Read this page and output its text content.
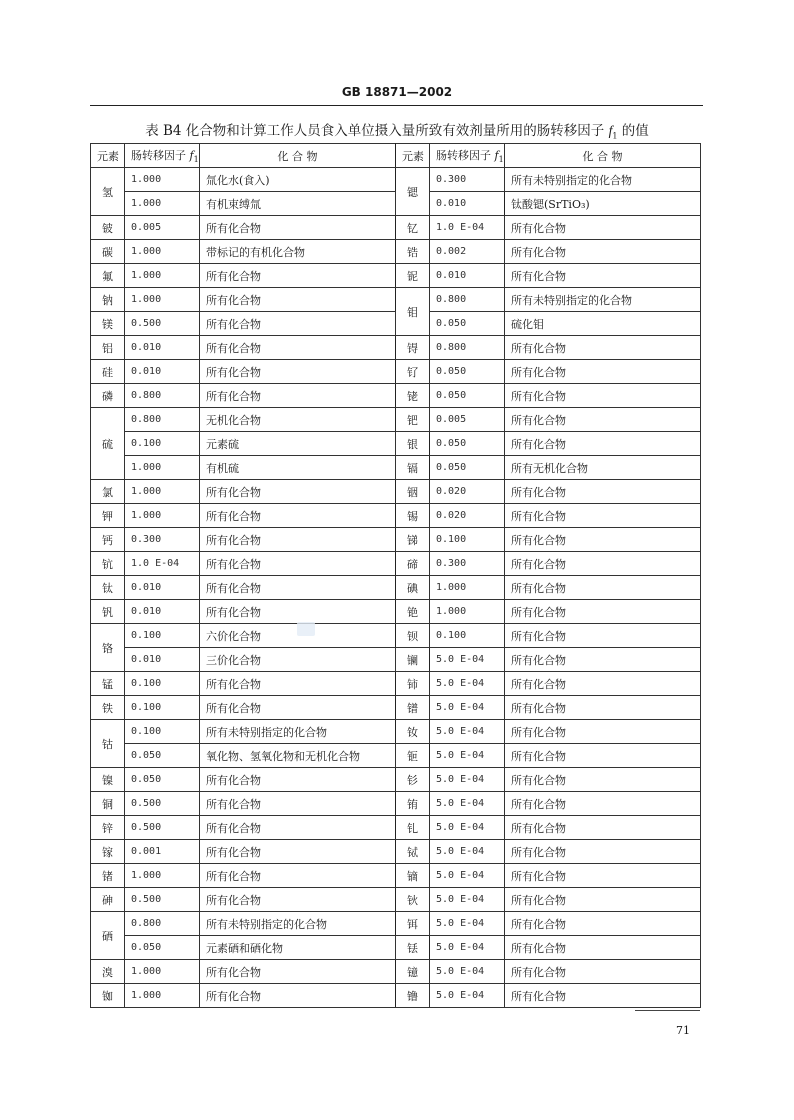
GB 18871—2002
表 B4 化合物和计算工作人员食入单位摄入量所致有效剂量所用的肠转移因子 $f_1$ 的值
元素	肠转移因子 $f_1$	化 合 物	元素	肠转移因子 $f_1$	化 合 物
氢	1.000	氚化水(食入)	锶	0.300	所有未特别指定的化合物
	1.000	有机束缚氚		0.010	钛酸锶(SrTiO₃)
铍	0.005	所有化合物	钇	1.0 E-04	所有化合物
碳	1.000	带标记的有机化合物	锆	0.002	所有化合物
氟	1.000	所有化合物	铌	0.010	所有化合物
钠	1.000	所有化合物	钼	0.800	所有未特别指定的化合物
镁	0.500	所有化合物		0.050	硫化钼
铝	0.010	所有化合物	锝	0.800	所有化合物
硅	0.010	所有化合物	钌	0.050	所有化合物
磷	0.800	所有化合物	铑	0.050	所有化合物
硫	0.800	无机化合物	钯	0.005	所有化合物
	0.100	元素硫	银	0.050	所有化合物
	1.000	有机硫	镉	0.050	所有无机化合物
氯	1.000	所有化合物	铟	0.020	所有化合物
钾	1.000	所有化合物	锡	0.020	所有化合物
钙	0.300	所有化合物	锑	0.100	所有化合物
钪	1.0 E-04	所有化合物	碲	0.300	所有化合物
钛	0.010	所有化合物	碘	1.000	所有化合物
钒	0.010	所有化合物	铯	1.000	所有化合物
铬	0.100	六价化合物	钡	0.100	所有化合物
	0.010	三价化合物	镧	5.0 E-04	所有化合物
锰	0.100	所有化合物	铈	5.0 E-04	所有化合物
铁	0.100	所有化合物	镨	5.0 E-04	所有化合物
钴	0.100	所有未特别指定的化合物	钕	5.0 E-04	所有化合物
	0.050	氧化物、氢氧化物和无机化合物	钷	5.0 E-04	所有化合物
镍	0.050	所有化合物	钐	5.0 E-04	所有化合物
铜	0.500	所有化合物	铕	5.0 E-04	所有化合物
锌	0.500	所有化合物	钆	5.0 E-04	所有化合物
镓	0.001	所有化合物	铽	5.0 E-04	所有化合物
锗	1.000	所有化合物	镝	5.0 E-04	所有化合物
砷	0.500	所有化合物	钬	5.0 E-04	所有化合物
硒	0.800	所有未特别指定的化合物	铒	5.0 E-04	所有化合物
	0.050	元素硒和硒化物	铥	5.0 E-04	所有化合物
溴	1.000	所有化合物	镱	5.0 E-04	所有化合物
铷	1.000	所有化合物	镥	5.0 E-04	所有化合物
71
